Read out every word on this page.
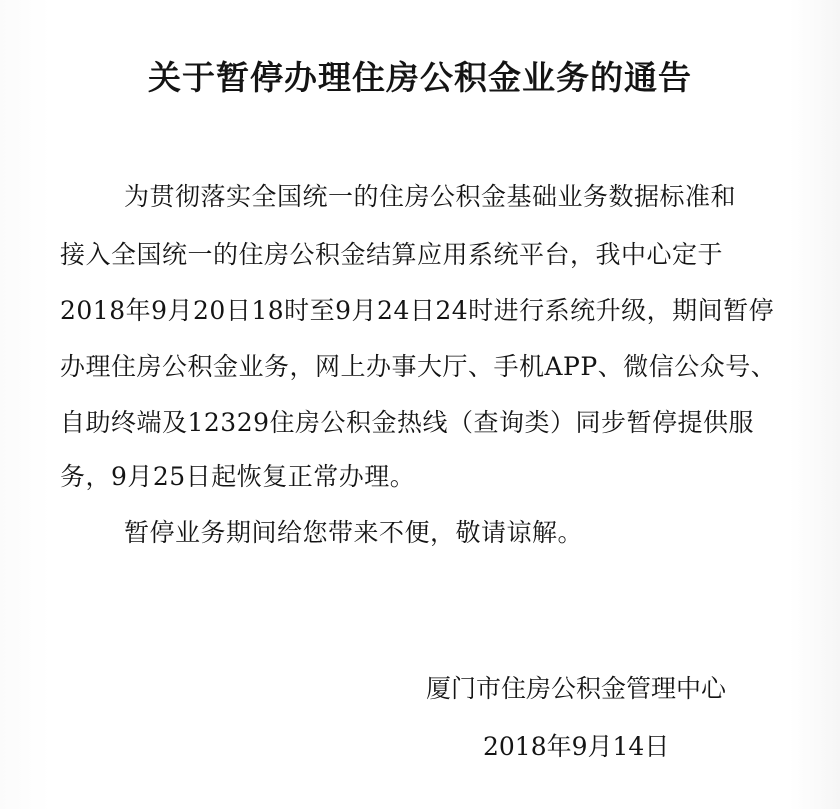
关于暂停办理住房公积金业务的通告
为贯彻落实全国统一的住房公积金基础业务数据标准和
接入全国统一的住房公积金结算应用系统平台，我中心定于
2018年9月20日18时至9月24日24时进行系统升级，期间暂停
办理住房公积金业务，网上办事大厅、手机APP、微信公众号、
自助终端及12329住房公积金热线（查询类）同步暂停提供服
务，9月25日起恢复正常办理。
暂停业务期间给您带来不便，敬请谅解。
厦门市住房公积金管理中心
2018年9月14日
